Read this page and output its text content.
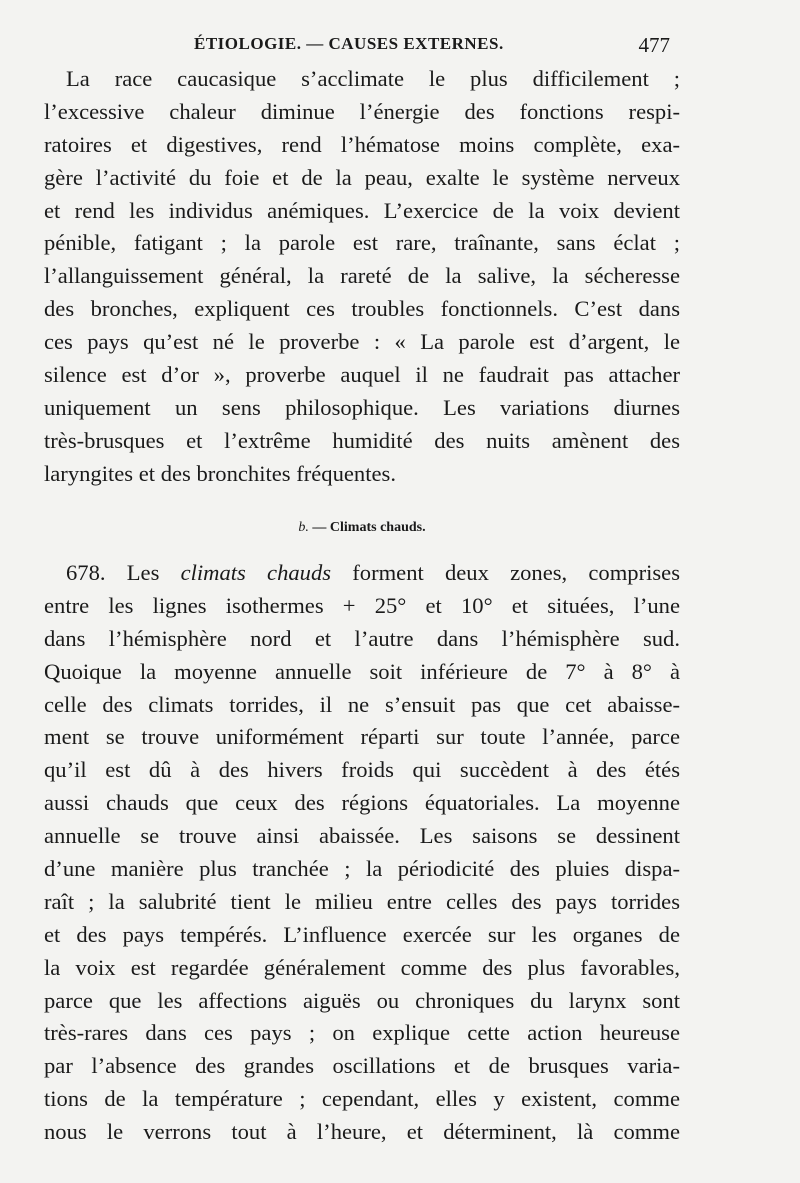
ÉTIOLOGIE. — CAUSES EXTERNES.	477
La race caucasique s’acclimate le plus difficilement ;
l’excessive chaleur diminue l’énergie des fonctions respi-
ratoires et digestives, rend l’hématose moins complète, exa-
gère l’activité du foie et de la peau, exalte le système nerveux
et rend les individus anémiques. L’exercice de la voix devient
pénible, fatigant ; la parole est rare, traînante, sans éclat ;
l’allanguissement général, la rareté de la salive, la sécheresse
des bronches, expliquent ces troubles fonctionnels. C’est dans
ces pays qu’est né le proverbe : « La parole est d’argent, le
silence est d’or », proverbe auquel il ne faudrait pas attacher
uniquement un sens philosophique. Les variations diurnes
très-brusques et l’extrême humidité des nuits amènent des
laryngites et des bronchites fréquentes.
b. — Climats chauds.
678. Les climats chauds forment deux zones, comprises
entre les lignes isothermes + 25° et 10° et situées, l’une
dans l’hémisphère nord et l’autre dans l’hémisphère sud.
Quoique la moyenne annuelle soit inférieure de 7° à 8° à
celle des climats torrides, il ne s’ensuit pas que cet abaisse-
ment se trouve uniformément réparti sur toute l’année, parce
qu’il est dû à des hivers froids qui succèdent à des étés
aussi chauds que ceux des régions équatoriales. La moyenne
annuelle se trouve ainsi abaissée. Les saisons se dessinent
d’une manière plus tranchée ; la périodicité des pluies dispa-
raît ; la salubrité tient le milieu entre celles des pays torrides
et des pays tempérés. L’influence exercée sur les organes de
la voix est regardée généralement comme des plus favorables,
parce que les affections aiguës ou chroniques du larynx sont
très-rares dans ces pays ; on explique cette action heureuse
par l’absence des grandes oscillations et de brusques varia-
tions de la température ; cependant, elles y existent, comme
nous le verrons tout à l’heure, et déterminent, là comme
